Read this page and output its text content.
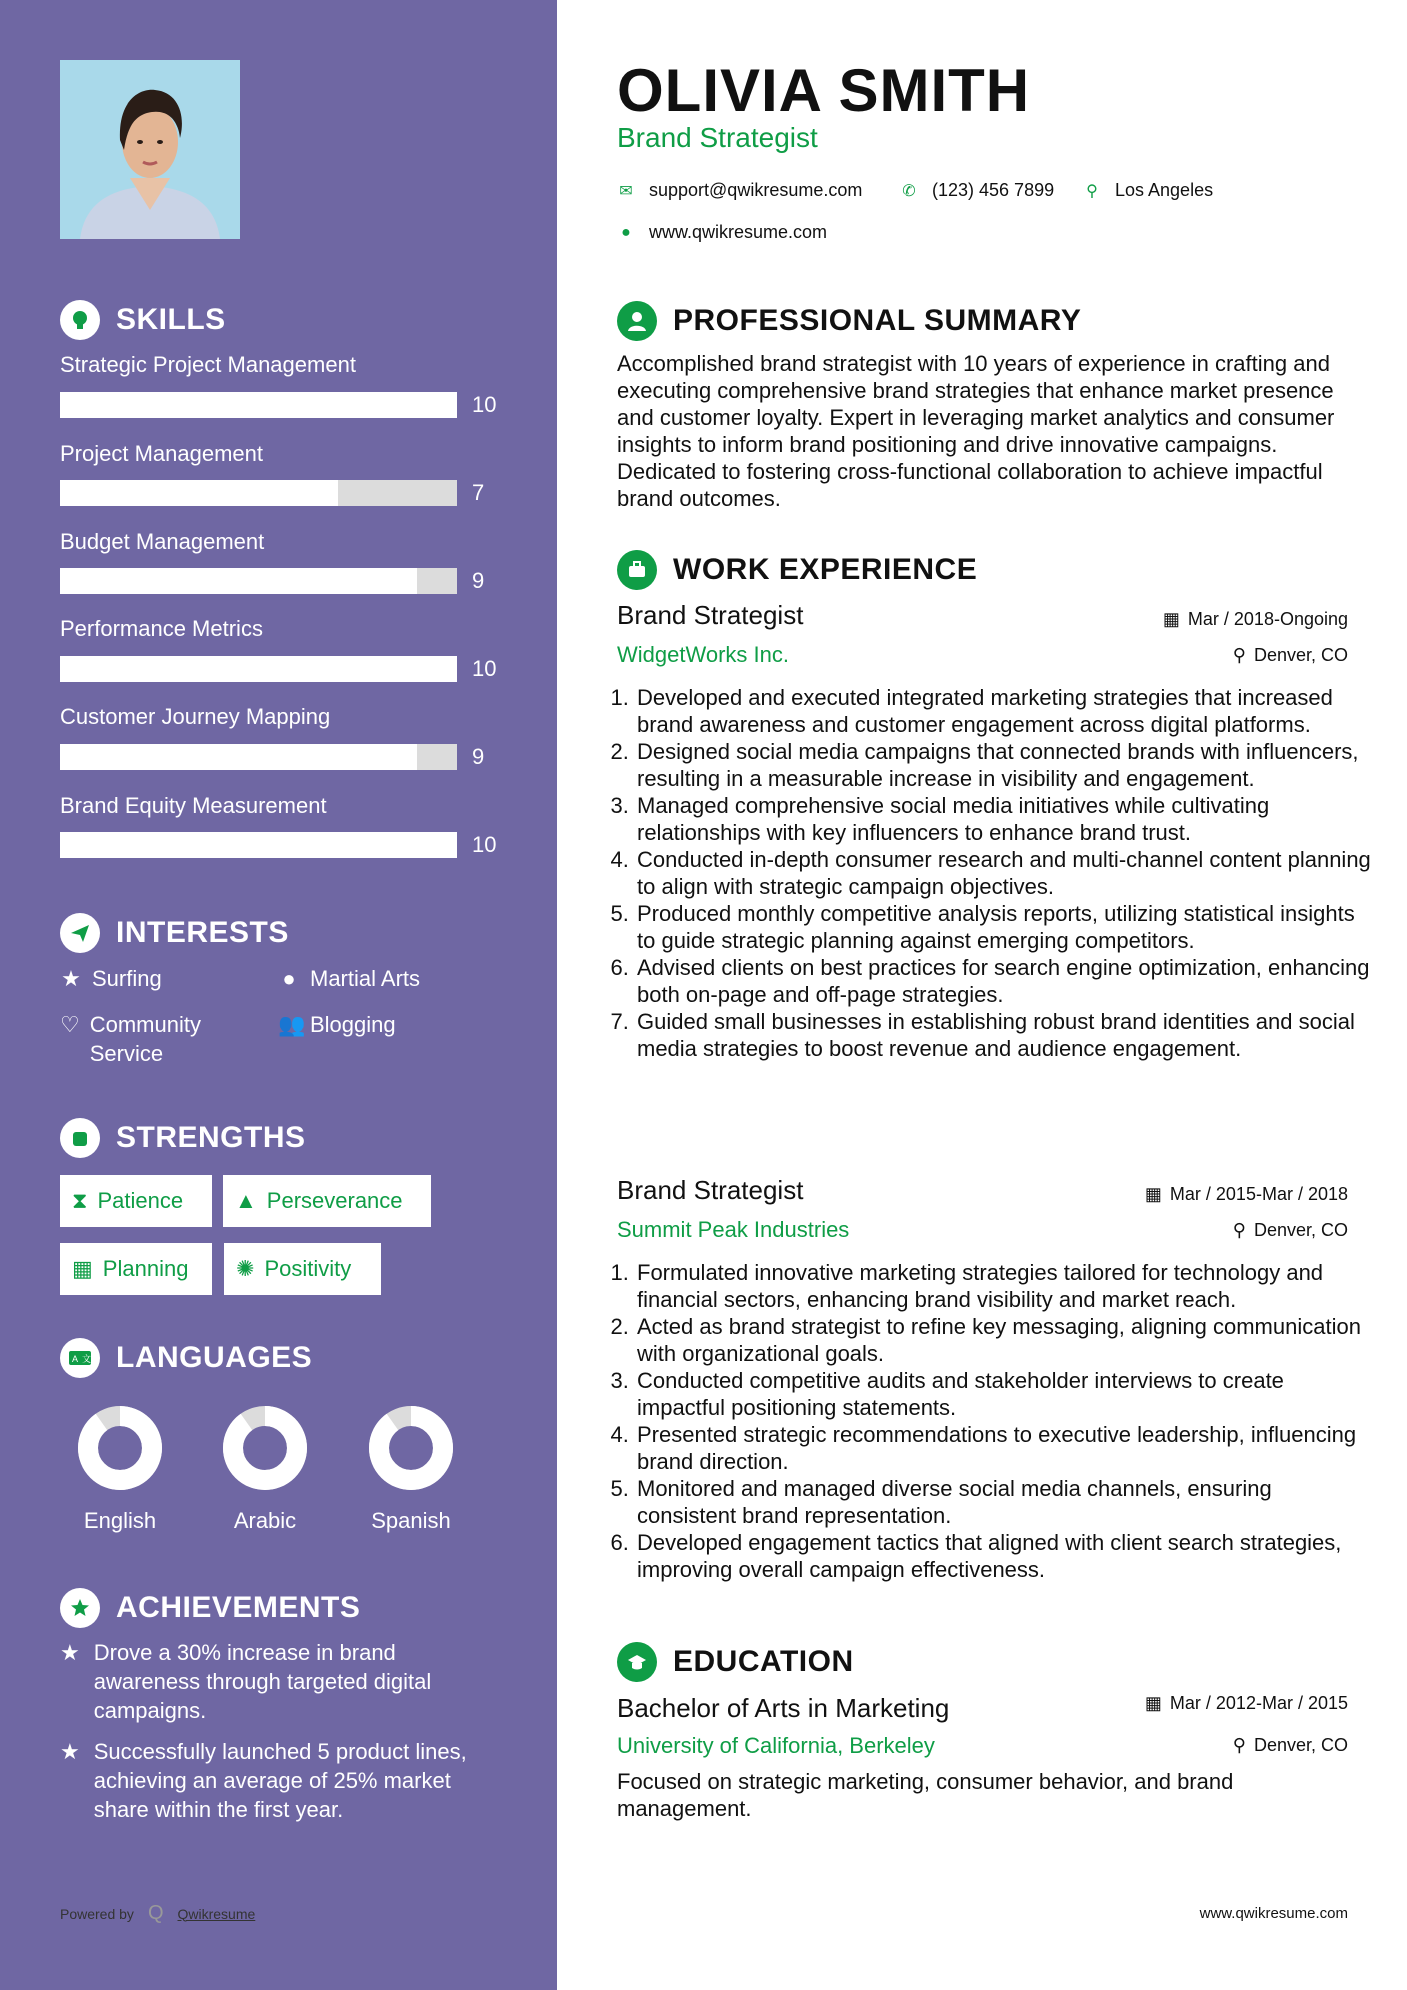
SKILLS
Strategic Project Management
10
Project Management
7
Budget Management
9
Performance Metrics
10
Customer Journey Mapping
9
Brand Equity Measurement
10
INTERESTS
★ Surfing	● Martial Arts
♡ Community Service
👥 Blogging
STRENGTHS
⧗ Patience ▲ Perseverance
▦ Planning ✺ Positivity
A 文 LANGUAGES
English	Arabic	Spanish
ACHIEVEMENTS
★ Drove a 30% increase in brand awareness through targeted digital campaigns.
★ Successfully launched 5 product lines, achieving an average of 25% market share within the first year.
Powered by Q Qwikresume
OLIVIA SMITH
Brand Strategist
✉ support@qwikresume.com ✆ (123) 456 7899 ⚲ Los Angeles
● www.qwikresume.com
PROFESSIONAL SUMMARY
Accomplished brand strategist with 10 years of experience in crafting and executing comprehensive brand strategies that enhance market presence and customer loyalty. Expert in leveraging market analytics and consumer insights to inform brand positioning and drive innovative campaigns. Dedicated to fostering cross-functional collaboration to achieve impactful brand outcomes.
WORK EXPERIENCE
Brand Strategist	▦ Mar / 2018-Ongoing
WidgetWorks Inc.	⚲ Denver, CO
1. Developed and executed integrated marketing strategies that increased brand awareness and customer engagement across digital platforms.
2. Designed social media campaigns that connected brands with influencers, resulting in a measurable increase in visibility and engagement.
3. Managed comprehensive social media initiatives while cultivating relationships with key influencers to enhance brand trust.
4. Conducted in-depth consumer research and multi-channel content planning to align with strategic campaign objectives.
5. Produced monthly competitive analysis reports, utilizing statistical insights to guide strategic planning against emerging competitors.
6. Advised clients on best practices for search engine optimization, enhancing both on-page and off-page strategies.
7. Guided small businesses in establishing robust brand identities and social media strategies to boost revenue and audience engagement.
Brand Strategist	▦ Mar / 2015-Mar / 2018
Summit Peak Industries	⚲ Denver, CO
1. Formulated innovative marketing strategies tailored for technology and financial sectors, enhancing brand visibility and market reach.
2. Acted as brand strategist to refine key messaging, aligning communication with organizational goals.
3. Conducted competitive audits and stakeholder interviews to create impactful positioning statements.
4. Presented strategic recommendations to executive leadership, influencing brand direction.
5. Monitored and managed diverse social media channels, ensuring consistent brand representation.
6. Developed engagement tactics that aligned with client search strategies, improving overall campaign effectiveness.
EDUCATION
Bachelor of Arts in Marketing	▦ Mar / 2012-Mar / 2015
University of California, Berkeley	⚲ Denver, CO
Focused on strategic marketing, consumer behavior, and brand management.
www.qwikresume.com
